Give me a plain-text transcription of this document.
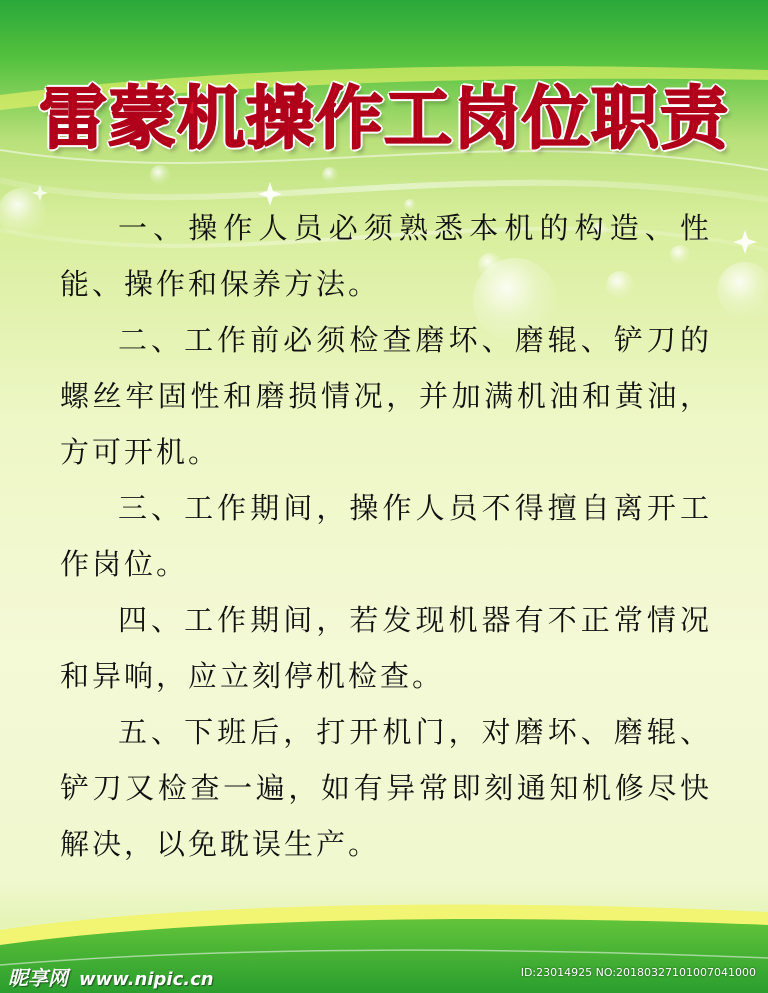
雷蒙机操作工岗位职责

一、操作人员必须熟悉本机的构造、性能、操作和保养方法。

二、工作前必须检查磨坏、磨辊、铲刀的螺丝牢固性和磨损情况，并加满机油和黄油，方可开机。

三、工作期间，操作人员不得擅自离开工作岗位。

四、工作期间，若发现机器有不正常情况和异响，应立刻停机检查。

五、下班后，打开机门，对磨坏、磨辊、铲刀又检查一遍，如有异常即刻通知机修尽快解决，以免耽误生产。

昵享网 www.nipic.cn	ID:23014925 NO:20180327101007041000
